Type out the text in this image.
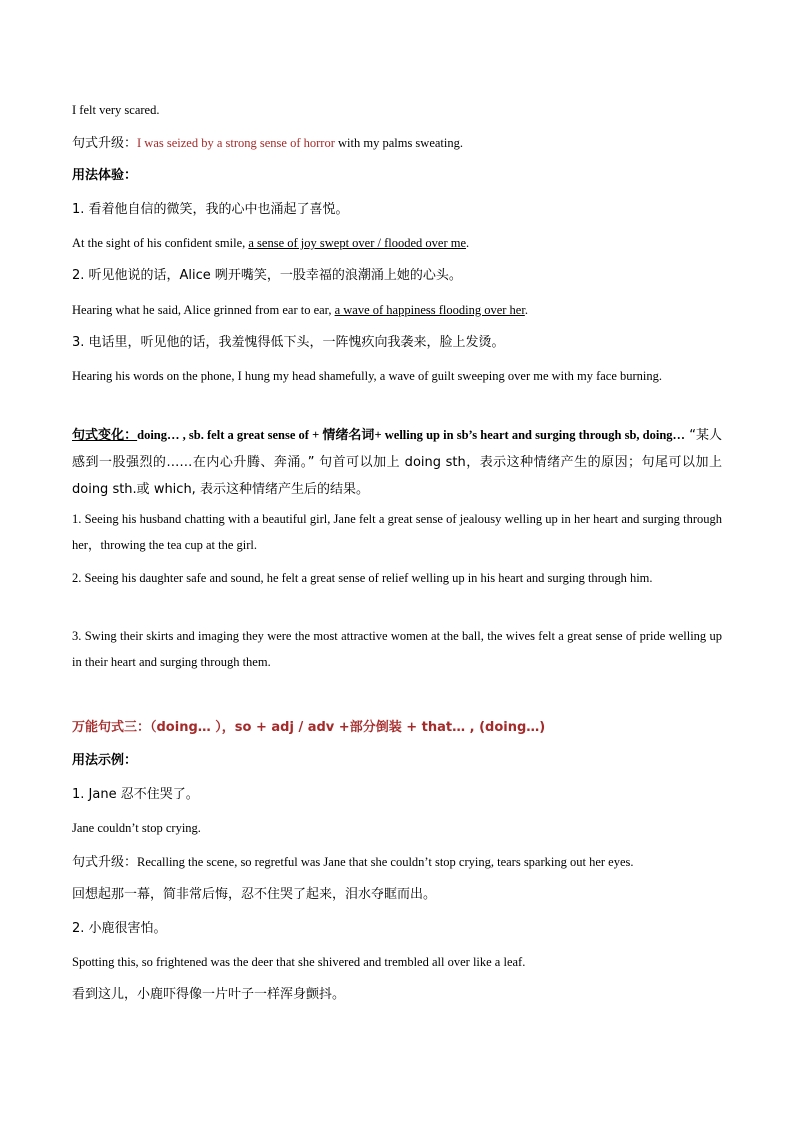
I felt very scared.

句式升级：I was seized by a strong sense of horror with my palms sweating.

用法体验：

1. 看着他自信的微笑，我的心中也涌起了喜悦。

At the sight of his confident smile, a sense of joy swept over / flooded over me.

2. 听见他说的话，Alice 咧开嘴笑，一股幸福的浪潮涌上她的心头。

Hearing what he said, Alice grinned from ear to ear, a wave of happiness flooding over her.

3. 电话里，听见他的话，我羞愧得低下头，一阵愧疚向我袭来，脸上发烫。

Hearing his words on the phone, I hung my head shamefully, a wave of guilt sweeping over me with my face burning.

句式变化：doing… , sb. felt a great sense of + 情绪名词+ welling up in sb’s heart and surging through sb, doing… “某人感到一股强烈的……在内心升腾、奔涌。” 句首可以加上 doing sth，表示这种情绪产生的原因；句尾可以加上 doing sth.或 which, 表示这种情绪产生后的结果。

1. Seeing his husband chatting with a beautiful girl, Jane felt a great sense of jealousy welling up in her heart and surging through her，throwing the tea cup at the girl.

2. Seeing his daughter safe and sound, he felt a great sense of relief welling up in his heart and surging through him.

3. Swing their skirts and imaging they were the most attractive women at the ball, the wives felt a great sense of pride welling up in their heart and surging through them.

万能句式三：（doing… ），so + adj / adv +部分倒装 + that… , (doing…)

用法示例：

1. Jane 忍不住哭了。

Jane couldn’t stop crying.

句式升级：Recalling the scene, so regretful was Jane that she couldn’t stop crying, tears sparking out her eyes.

回想起那一幕，简非常后悔，忍不住哭了起来，泪水夺眶而出。

2. 小鹿很害怕。

Spotting this, so frightened was the deer that she shivered and trembled all over like a leaf.

看到这儿，小鹿吓得像一片叶子一样浑身颤抖。
